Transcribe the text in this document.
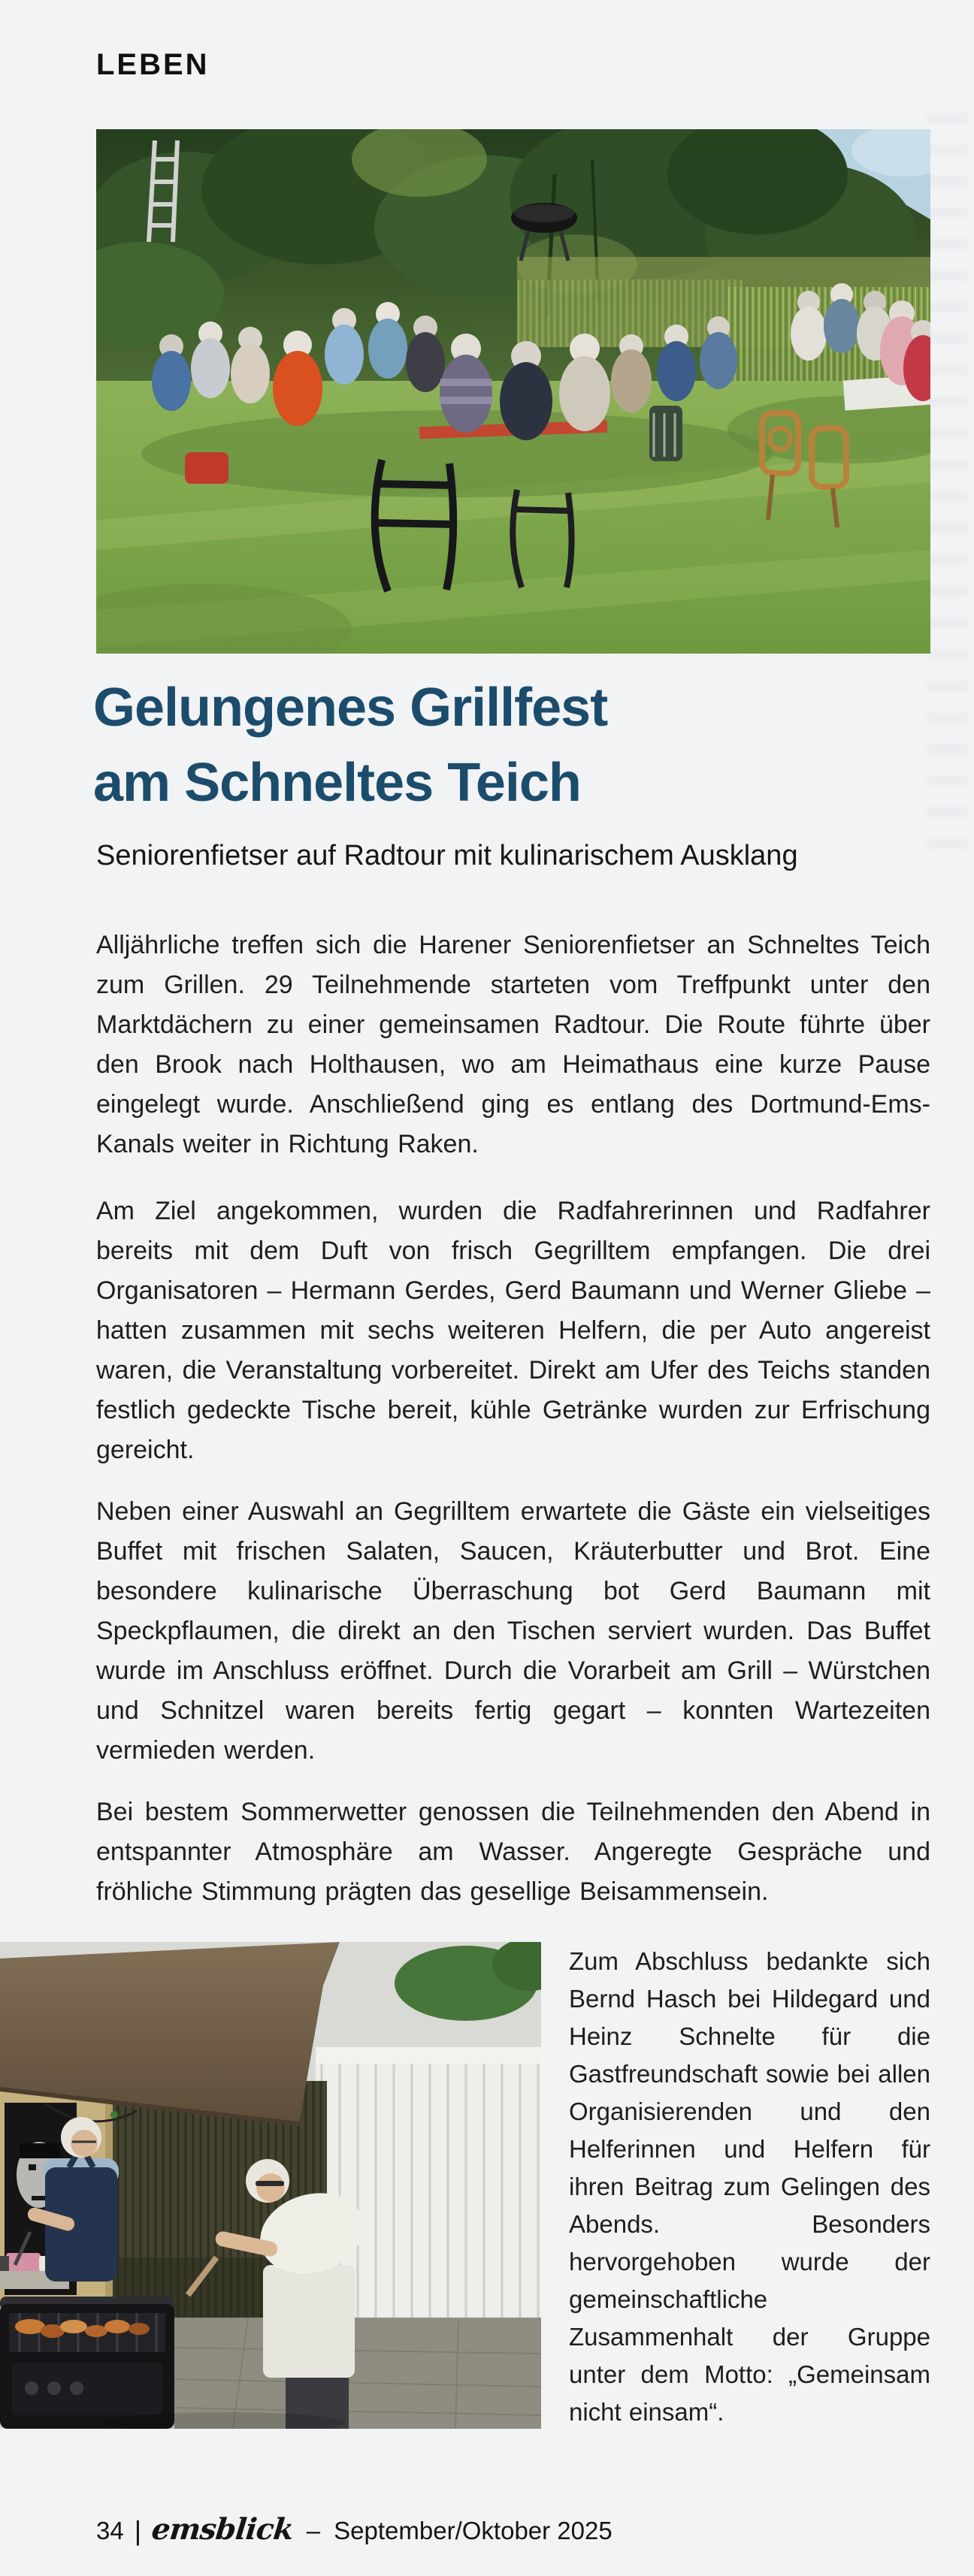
LEBEN
Gelungenes Grillfest
am Schneltes Teich
Seniorenfietser auf Radtour mit kulinarischem Ausklang

Alljährliche treffen sich die Harener Seniorenfietser an Schneltes Teich zum Grillen. 29 Teilnehmende starteten vom Treffpunkt unter den Marktdächern zu einer gemeinsamen Radtour. Die Route führte über den Brook nach Holthausen, wo am Heimathaus eine kurze Pause eingelegt wurde. Anschließend ging es entlang des Dortmund-Ems-Kanals weiter in Richtung Raken.

Am Ziel angekommen, wurden die Radfahrerinnen und Radfahrer bereits mit dem Duft von frisch Gegrilltem empfangen. Die drei Organisatoren – Hermann Gerdes, Gerd Baumann und Werner Gliebe – hatten zusammen mit sechs weiteren Helfern, die per Auto angereist waren, die Veranstaltung vorbereitet. Direkt am Ufer des Teichs standen festlich gedeckte Tische bereit, kühle Getränke wurden zur Erfrischung gereicht.

Neben einer Auswahl an Gegrilltem erwartete die Gäste ein vielseitiges Buffet mit frischen Salaten, Saucen, Kräuterbutter und Brot. Eine besondere kulinarische Überraschung bot Gerd Baumann mit Speckpflaumen, die direkt an den Tischen serviert wurden. Das Buffet wurde im Anschluss eröffnet. Durch die Vorarbeit am Grill – Würstchen und Schnitzel waren bereits fertig gegart – konnten Wartezeiten vermieden werden.

Bei bestem Sommerwetter genossen die Teilnehmenden den Abend in entspannter Atmosphäre am Wasser. Angeregte Gespräche und fröhliche Stimmung prägten das gesellige Beisammensein.

Zum Abschluss bedankte sich Bernd Hasch bei Hildegard und Heinz Schnelte für die Gastfreundschaft sowie bei allen Organisierenden und den Helferinnen und Helfern für ihren Beitrag zum Gelingen des Abends. Besonders hervorgehoben wurde der gemeinschaftliche Zusammenhalt der Gruppe unter dem Motto: „Gemeinsam nicht einsam“.

34 | emsblick – September/Oktober 2025
